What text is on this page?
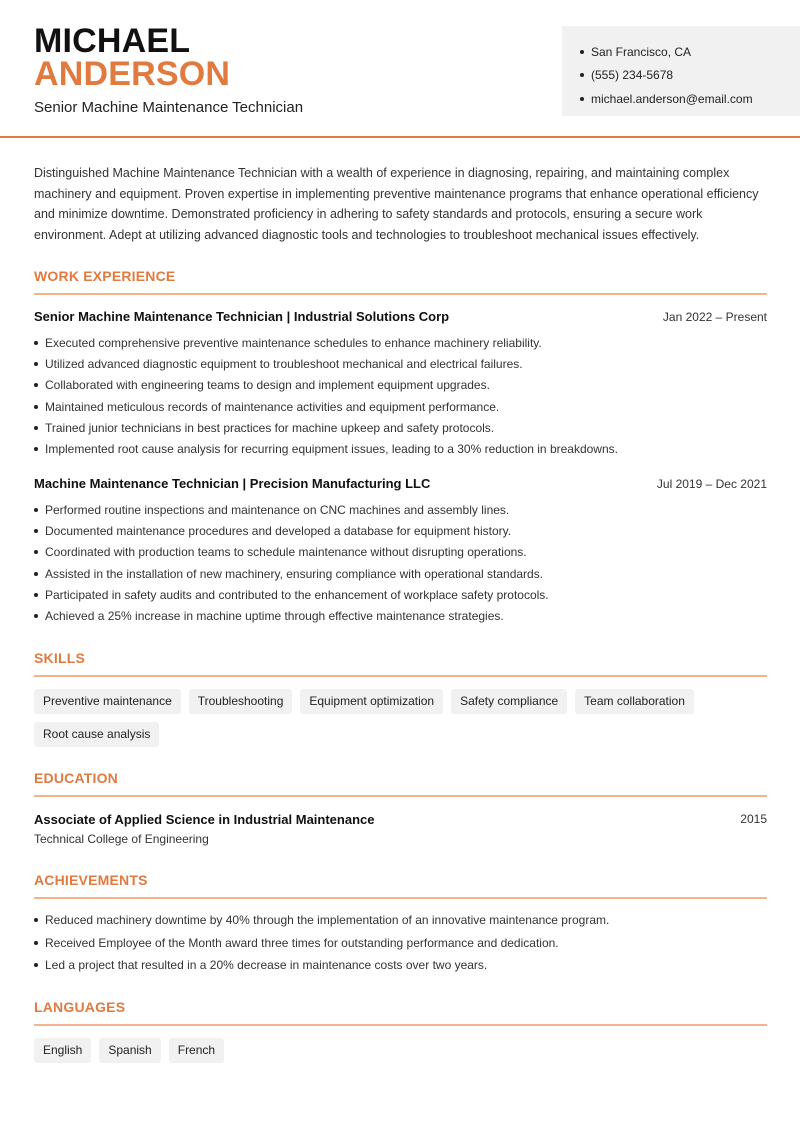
MICHAEL
ANDERSON
Senior Machine Maintenance Technician
San Francisco, CA
(555) 234-5678
michael.anderson@email.com

Distinguished Machine Maintenance Technician with a wealth of experience in diagnosing, repairing, and maintaining complex machinery and equipment. Proven expertise in implementing preventive maintenance programs that enhance operational efficiency and minimize downtime. Demonstrated proficiency in adhering to safety standards and protocols, ensuring a secure work environment. Adept at utilizing advanced diagnostic tools and technologies to troubleshoot mechanical issues effectively.

WORK EXPERIENCE
Senior Machine Maintenance Technician | Industrial Solutions Corp	Jan 2022 – Present
Executed comprehensive preventive maintenance schedules to enhance machinery reliability.
Utilized advanced diagnostic equipment to troubleshoot mechanical and electrical failures.
Collaborated with engineering teams to design and implement equipment upgrades.
Maintained meticulous records of maintenance activities and equipment performance.
Trained junior technicians in best practices for machine upkeep and safety protocols.
Implemented root cause analysis for recurring equipment issues, leading to a 30% reduction in breakdowns.
Machine Maintenance Technician | Precision Manufacturing LLC	Jul 2019 – Dec 2021
Performed routine inspections and maintenance on CNC machines and assembly lines.
Documented maintenance procedures and developed a database for equipment history.
Coordinated with production teams to schedule maintenance without disrupting operations.
Assisted in the installation of new machinery, ensuring compliance with operational standards.
Participated in safety audits and contributed to the enhancement of workplace safety protocols.
Achieved a 25% increase in machine uptime through effective maintenance strategies.
SKILLS
Preventive maintenance	Troubleshooting	Equipment optimization	Safety compliance	Team collaboration
Root cause analysis
EDUCATION
Associate of Applied Science in Industrial Maintenance	2015
Technical College of Engineering
ACHIEVEMENTS
Reduced machinery downtime by 40% through the implementation of an innovative maintenance program.
Received Employee of the Month award three times for outstanding performance and dedication.
Led a project that resulted in a 20% decrease in maintenance costs over two years.
LANGUAGES
English	Spanish	French
